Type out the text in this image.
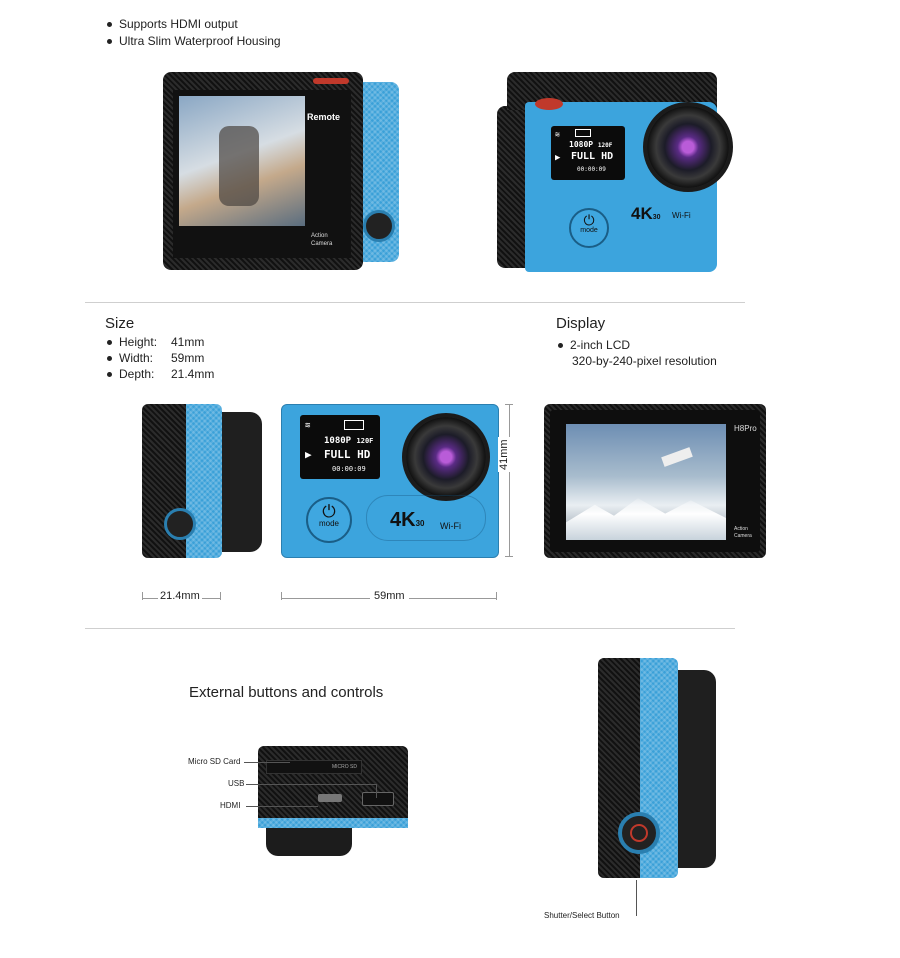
Supports HDMI output
Ultra Slim Waterproof Housing
Remote
Action
Camera
≋
1080P 120F
▶ FULL HD
00:00:09
⏻
mode
4K30 Wi-Fi
Size
Height: 41mm
Width: 59mm
Depth: 21.4mm
Display
2-inch LCD
320-by-240-pixel resolution
≋
1080P 120F
▶ FULL HD
00:00:09
⏻
mode	4K30 Wi-Fi
41mm
21.4mm	59mm
H8Pro
Action
Camera
External buttons and controls
MICRO SD
Micro SD Card
USB
HDMI
Shutter/Select Button
